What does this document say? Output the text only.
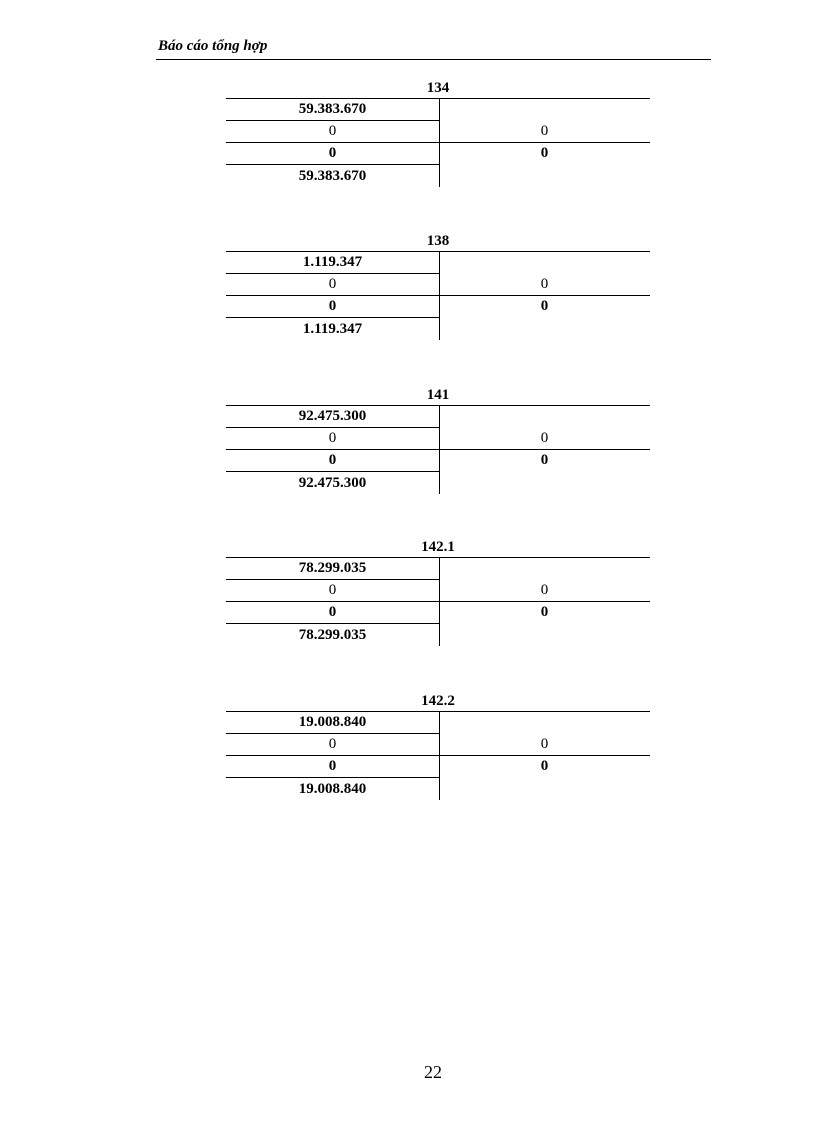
Báo cáo tổng hợp
134
59.383.670
0	0
0	0
59.383.670
138
1.119.347
0	0
0	0
1.119.347
141
92.475.300
0	0
0	0
92.475.300
142.1
78.299.035
0	0
0	0
78.299.035
142.2
19.008.840
0	0
0	0
19.008.840
22
